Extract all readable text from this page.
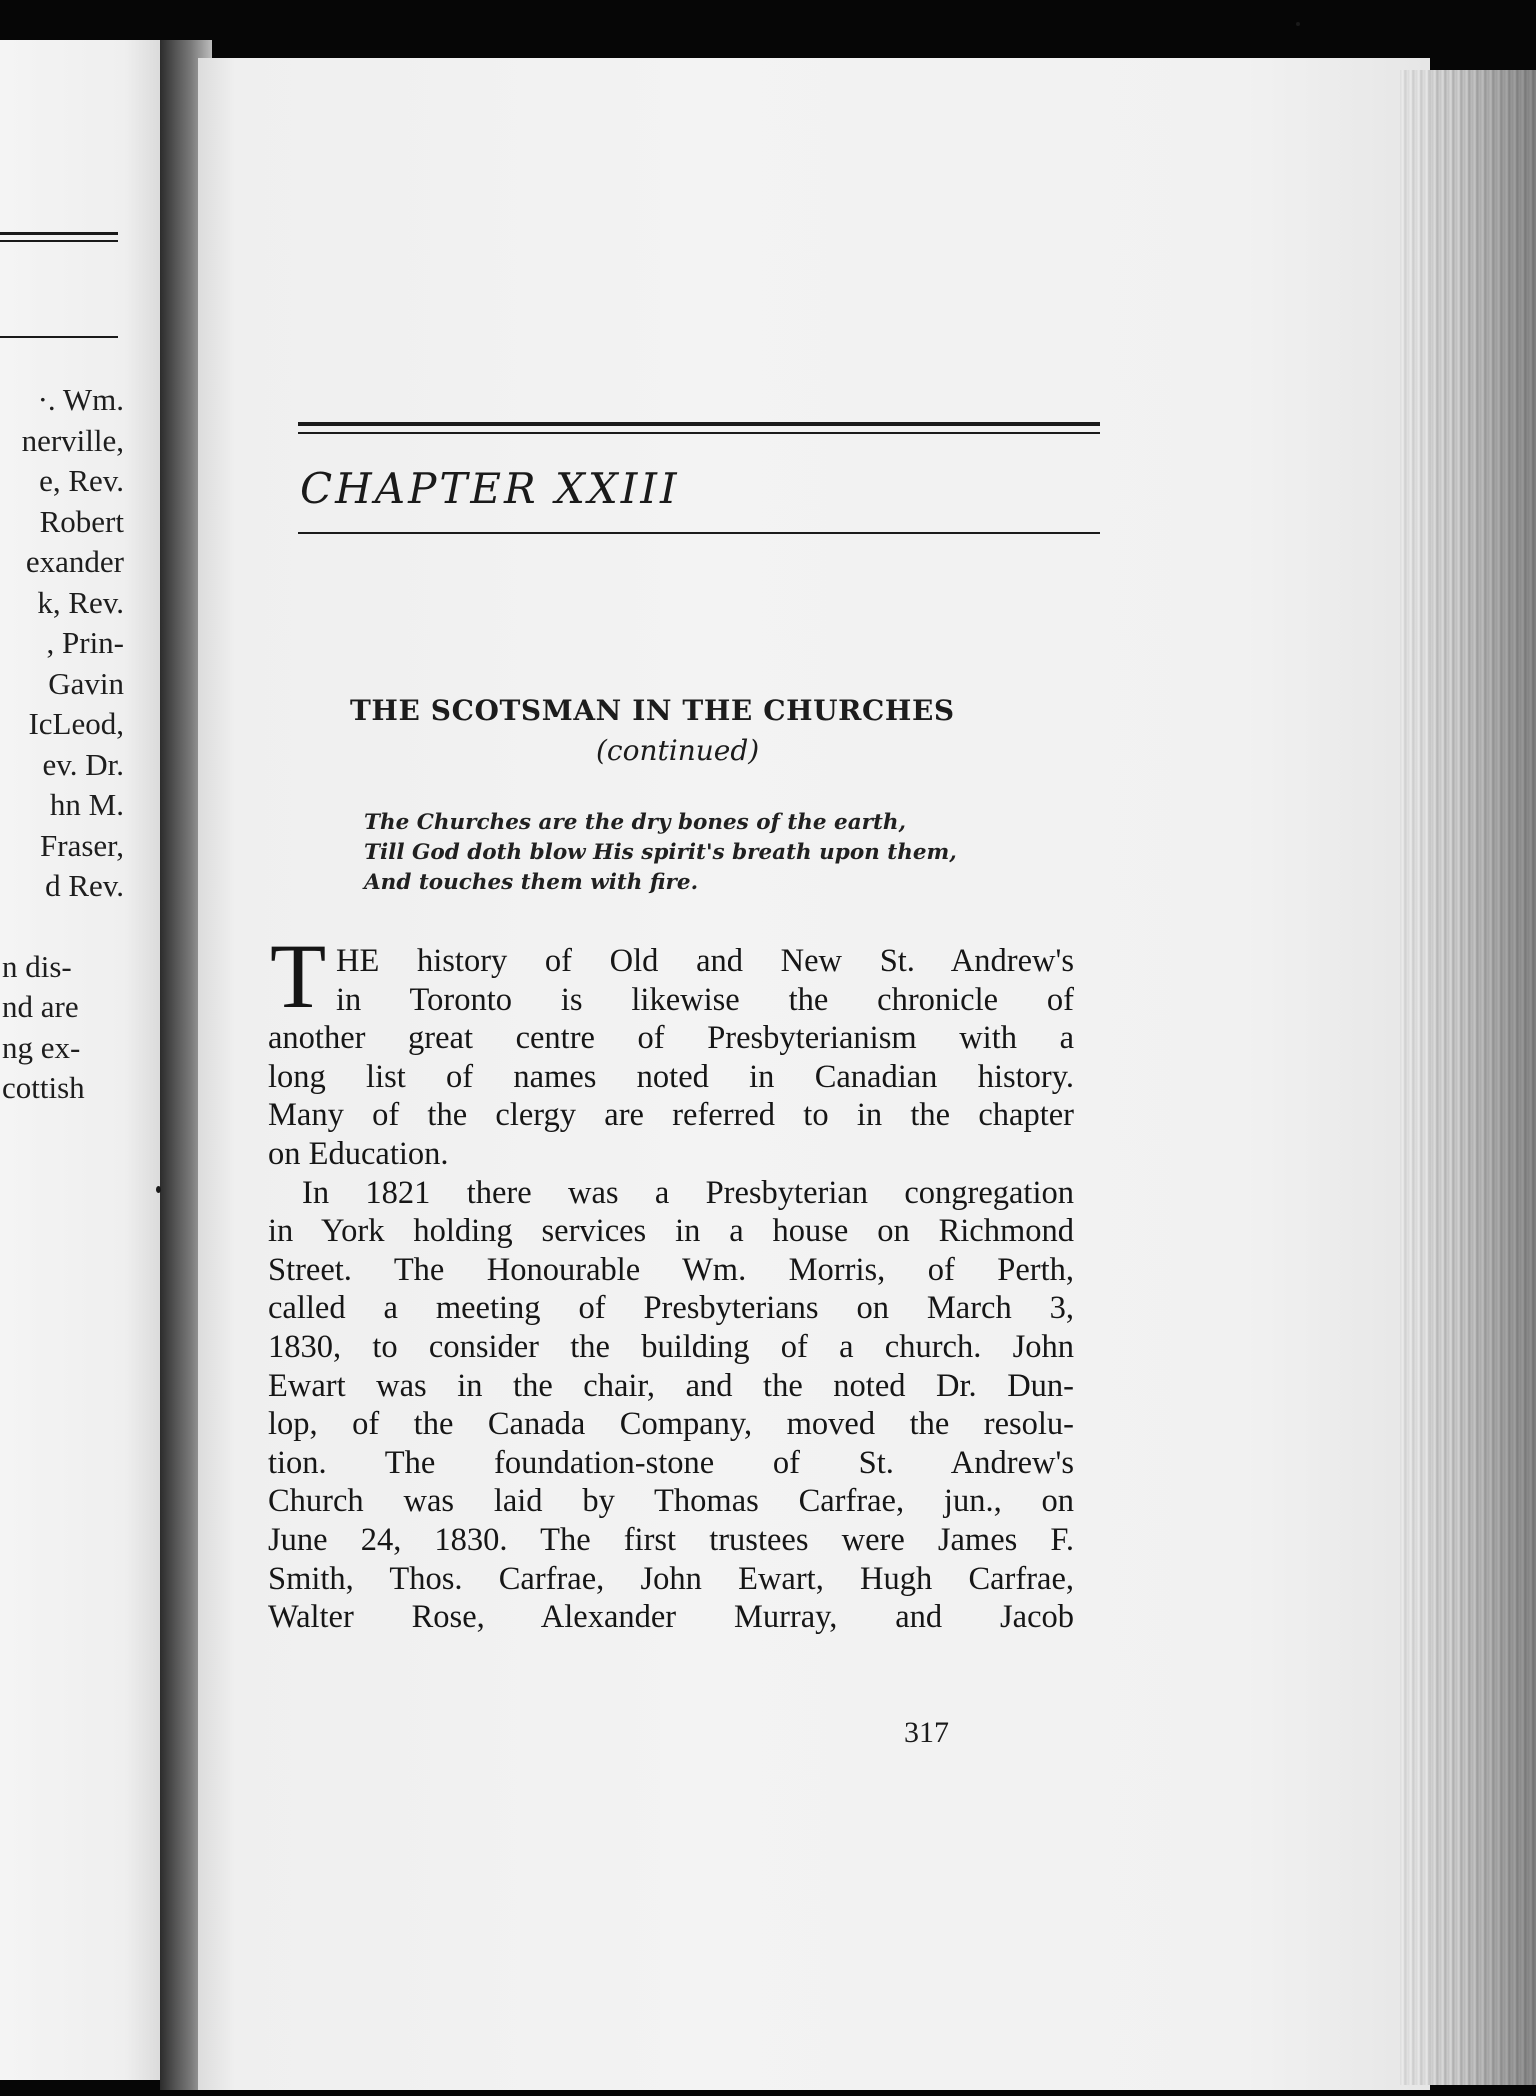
·. Wm.
nerville,
e, Rev.
Robert
exander
k, Rev.
, Prin-
Gavin
IcLeod,
ev. Dr.
hn M.
Fraser,
d Rev.
n dis-
nd are
ng ex-
cottish
CHAPTER XXIII
THE SCOTSMAN IN THE CHURCHES

(continued)

The Churches are the dry bones of the earth,
Till God doth blow His spirit's breath upon them,
And touches them with fire.
T HE history of Old and New St. Andrew's
in Toronto is likewise the chronicle of
another great centre of Presbyterianism with a
long list of names noted in Canadian history.
Many of the clergy are referred to in the chapter
on Education.
In 1821 there was a Presbyterian congregation
in York holding services in a house on Richmond
Street. The Honourable Wm. Morris, of Perth,
called a meeting of Presbyterians on March 3,
1830, to consider the building of a church. John
Ewart was in the chair, and the noted Dr. Dun-
lop, of the Canada Company, moved the resolu-
tion. The foundation-stone of St. Andrew's
Church was laid by Thomas Carfrae, jun., on
June 24, 1830. The first trustees were James F.
Smith, Thos. Carfrae, John Ewart, Hugh Carfrae,
Walter Rose, Alexander Murray, and Jacob

317
